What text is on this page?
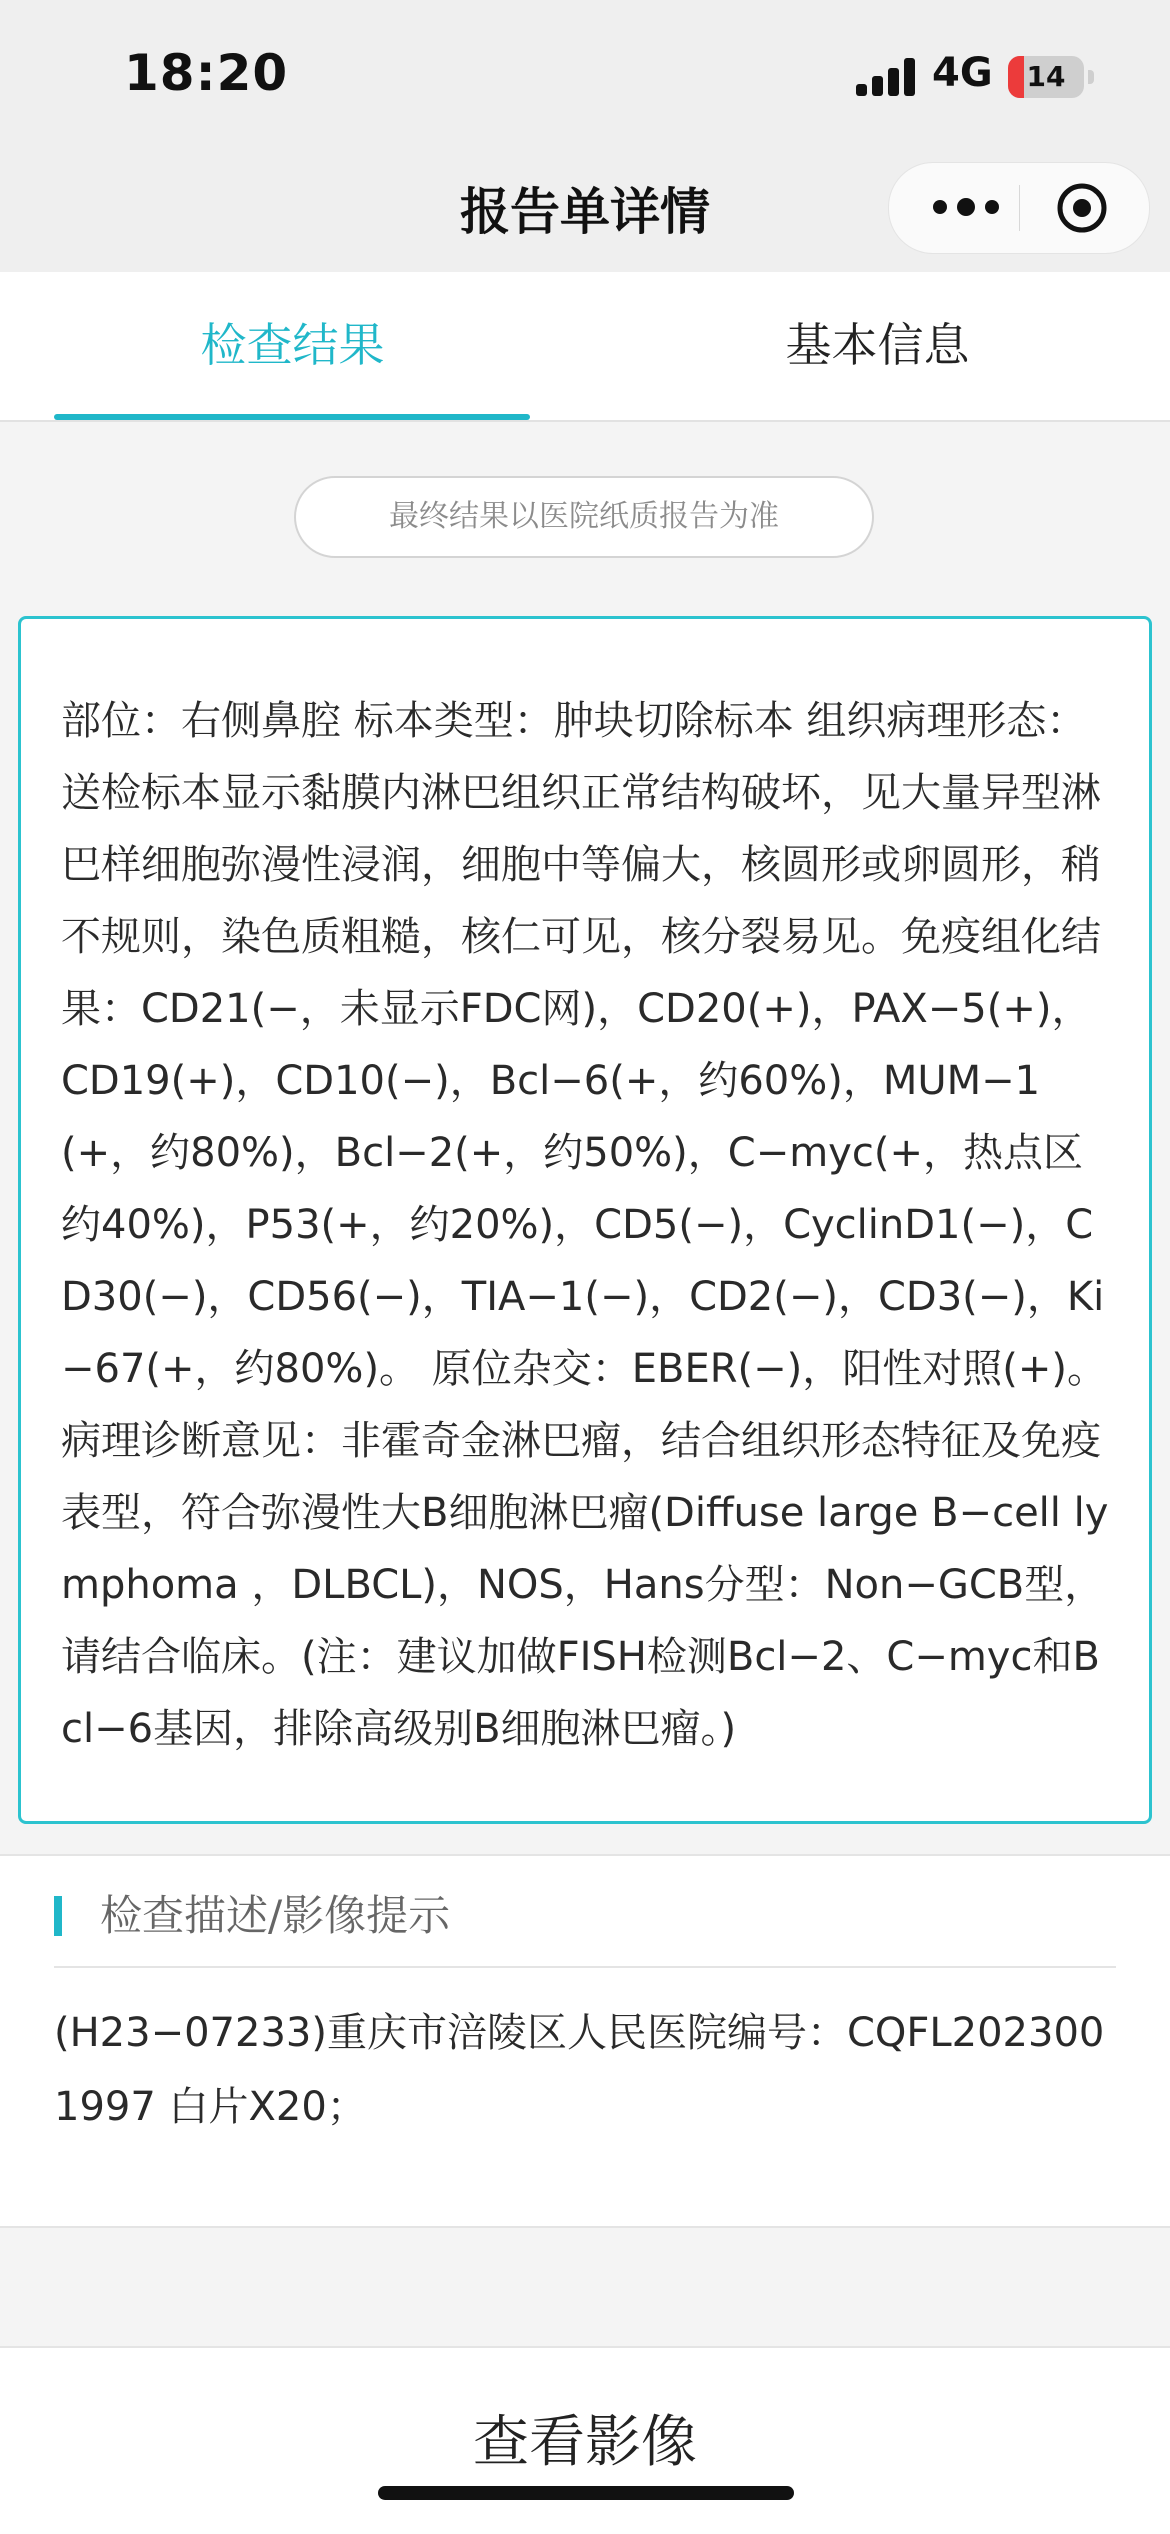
18:20	4G	14
报告单详情
检查结果	基本信息
最终结果以医院纸质报告为准

部位：右侧鼻腔 标本类型：肿块切除标本 组织病理形态：送检标本显示黏膜内淋巴组织正常结构破坏，见大量异型淋巴样细胞弥漫性浸润，细胞中等偏大，核圆形或卵圆形，稍不规则，染色质粗糙，核仁可见，核分裂易见。免疫组化结果：CD21(−，未显示FDC网)，CD20(+)，PAX−5(+)，CD19(+)，CD10(−)，Bcl−6(+，约60%)，MUM−1(+，约80%)，Bcl−2(+，约50%)，C−myc(+，热点区约40%)，P53(+，约20%)，CD5(−)，CyclinD1(−)，CD30(−)，CD56(−)，TIA−1(−)，CD2(−)，CD3(−)，Ki−67(+，约80%)。 原位杂交：EBER(−)，阳性对照(+)。 病理诊断意见：非霍奇金淋巴瘤，结合组织形态特征及免疫表型，符合弥漫性大B细胞淋巴瘤(Diffuse large B−cell lymphoma ，DLBCL)，NOS，Hans分型：Non−GCB型，请结合临床。(注：建议加做FISH检测Bcl−2、C−myc和Bcl−6基因，排除高级别B细胞淋巴瘤。)

检查描述/影像提示

(H23−07233)重庆市涪陵区人民医院编号：CQFL2023001997 白片X20；

查看影像
